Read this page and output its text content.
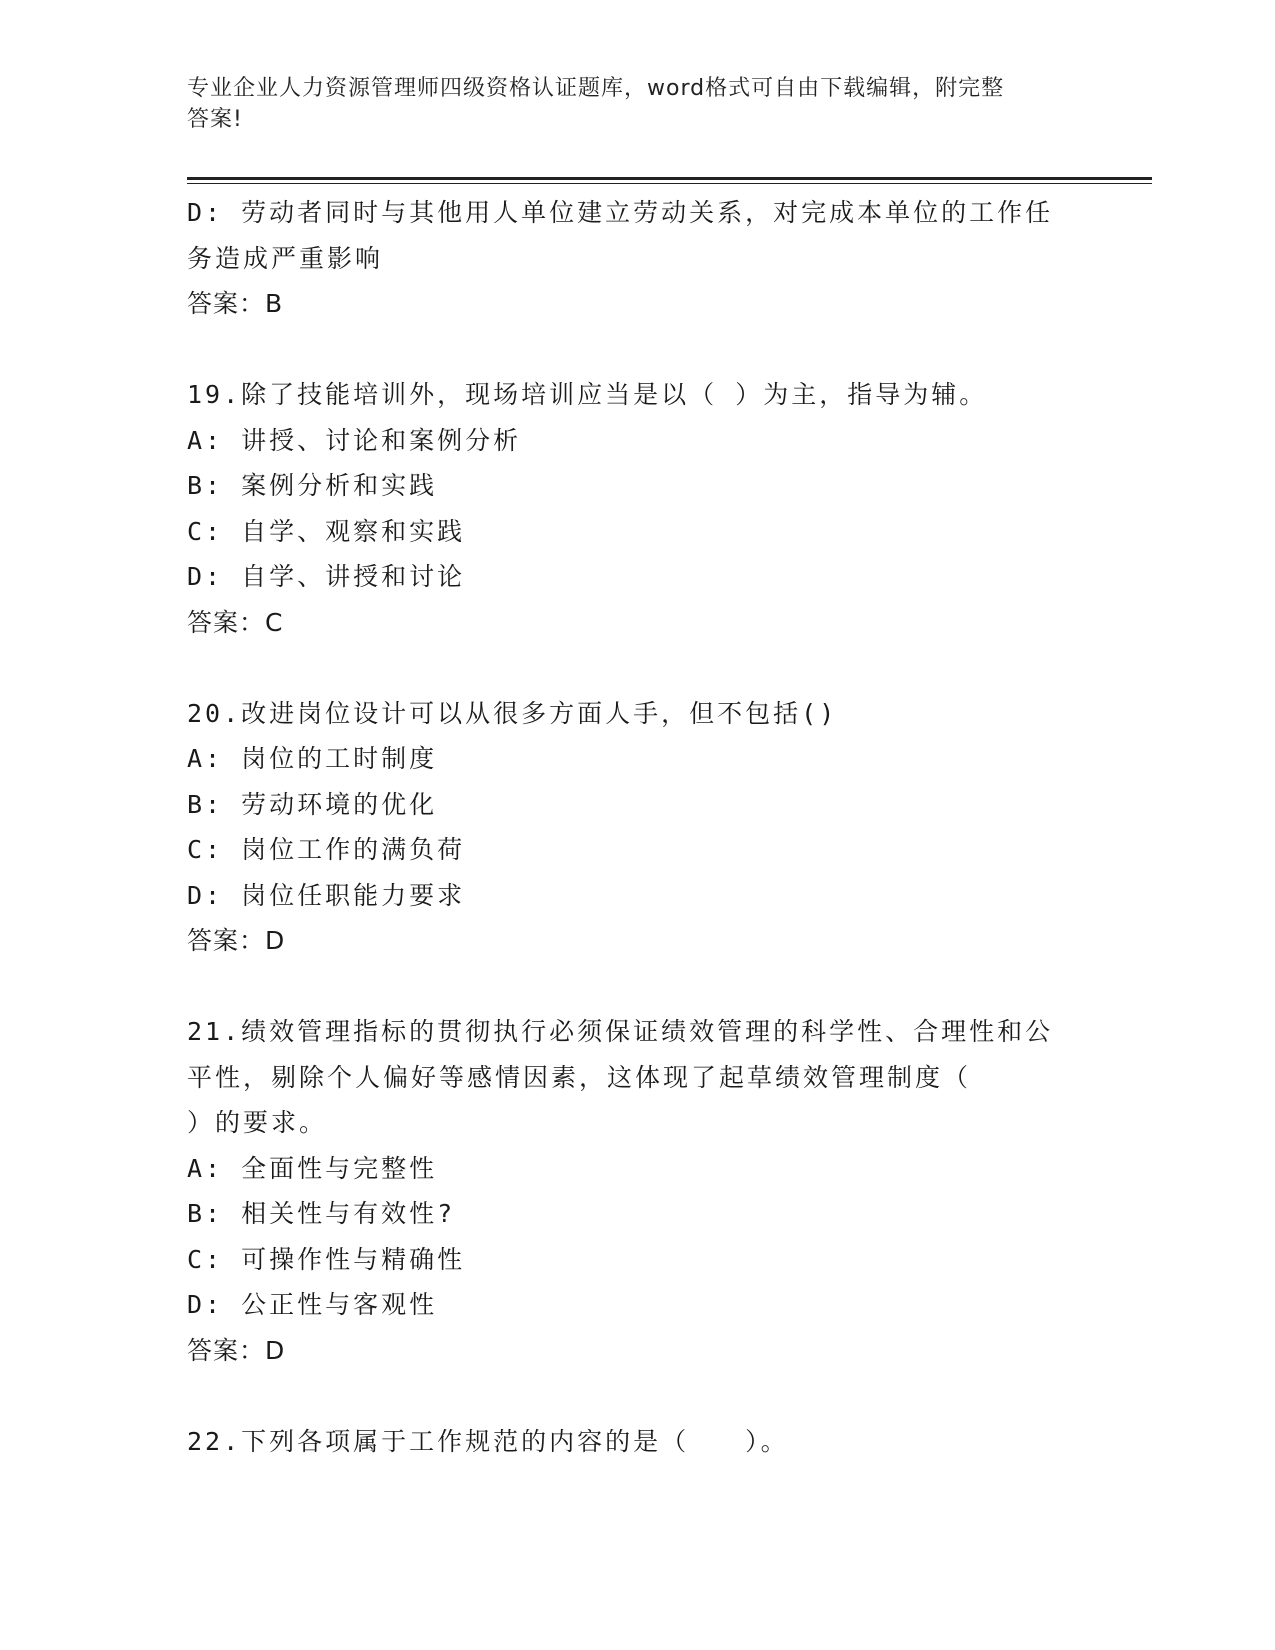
专业企业人力资源管理师四级资格认证题库，word格式可自由下载编辑，附完整
答案!
D: 劳动者同时与其他用人单位建立劳动关系，对完成本单位的工作任
务造成严重影响
答案：B
19.除了技能培训外，现场培训应当是以（ ）为主，指导为辅。
A: 讲授、讨论和案例分析
B: 案例分析和实践
C: 自学、观察和实践
D: 自学、讲授和讨论
答案：C
20.改进岗位设计可以从很多方面人手，但不包括()
A: 岗位的工时制度
B: 劳动环境的优化
C: 岗位工作的满负荷
D: 岗位任职能力要求
答案：D
21.绩效管理指标的贯彻执行必须保证绩效管理的科学性、合理性和公
平性，剔除个人偏好等感情因素，这体现了起草绩效管理制度（
）的要求。
A: 全面性与完整性
B: 相关性与有效性?
C: 可操作性与精确性
D: 公正性与客观性
答案：D
22.下列各项属于工作规范的内容的是（　　）。
